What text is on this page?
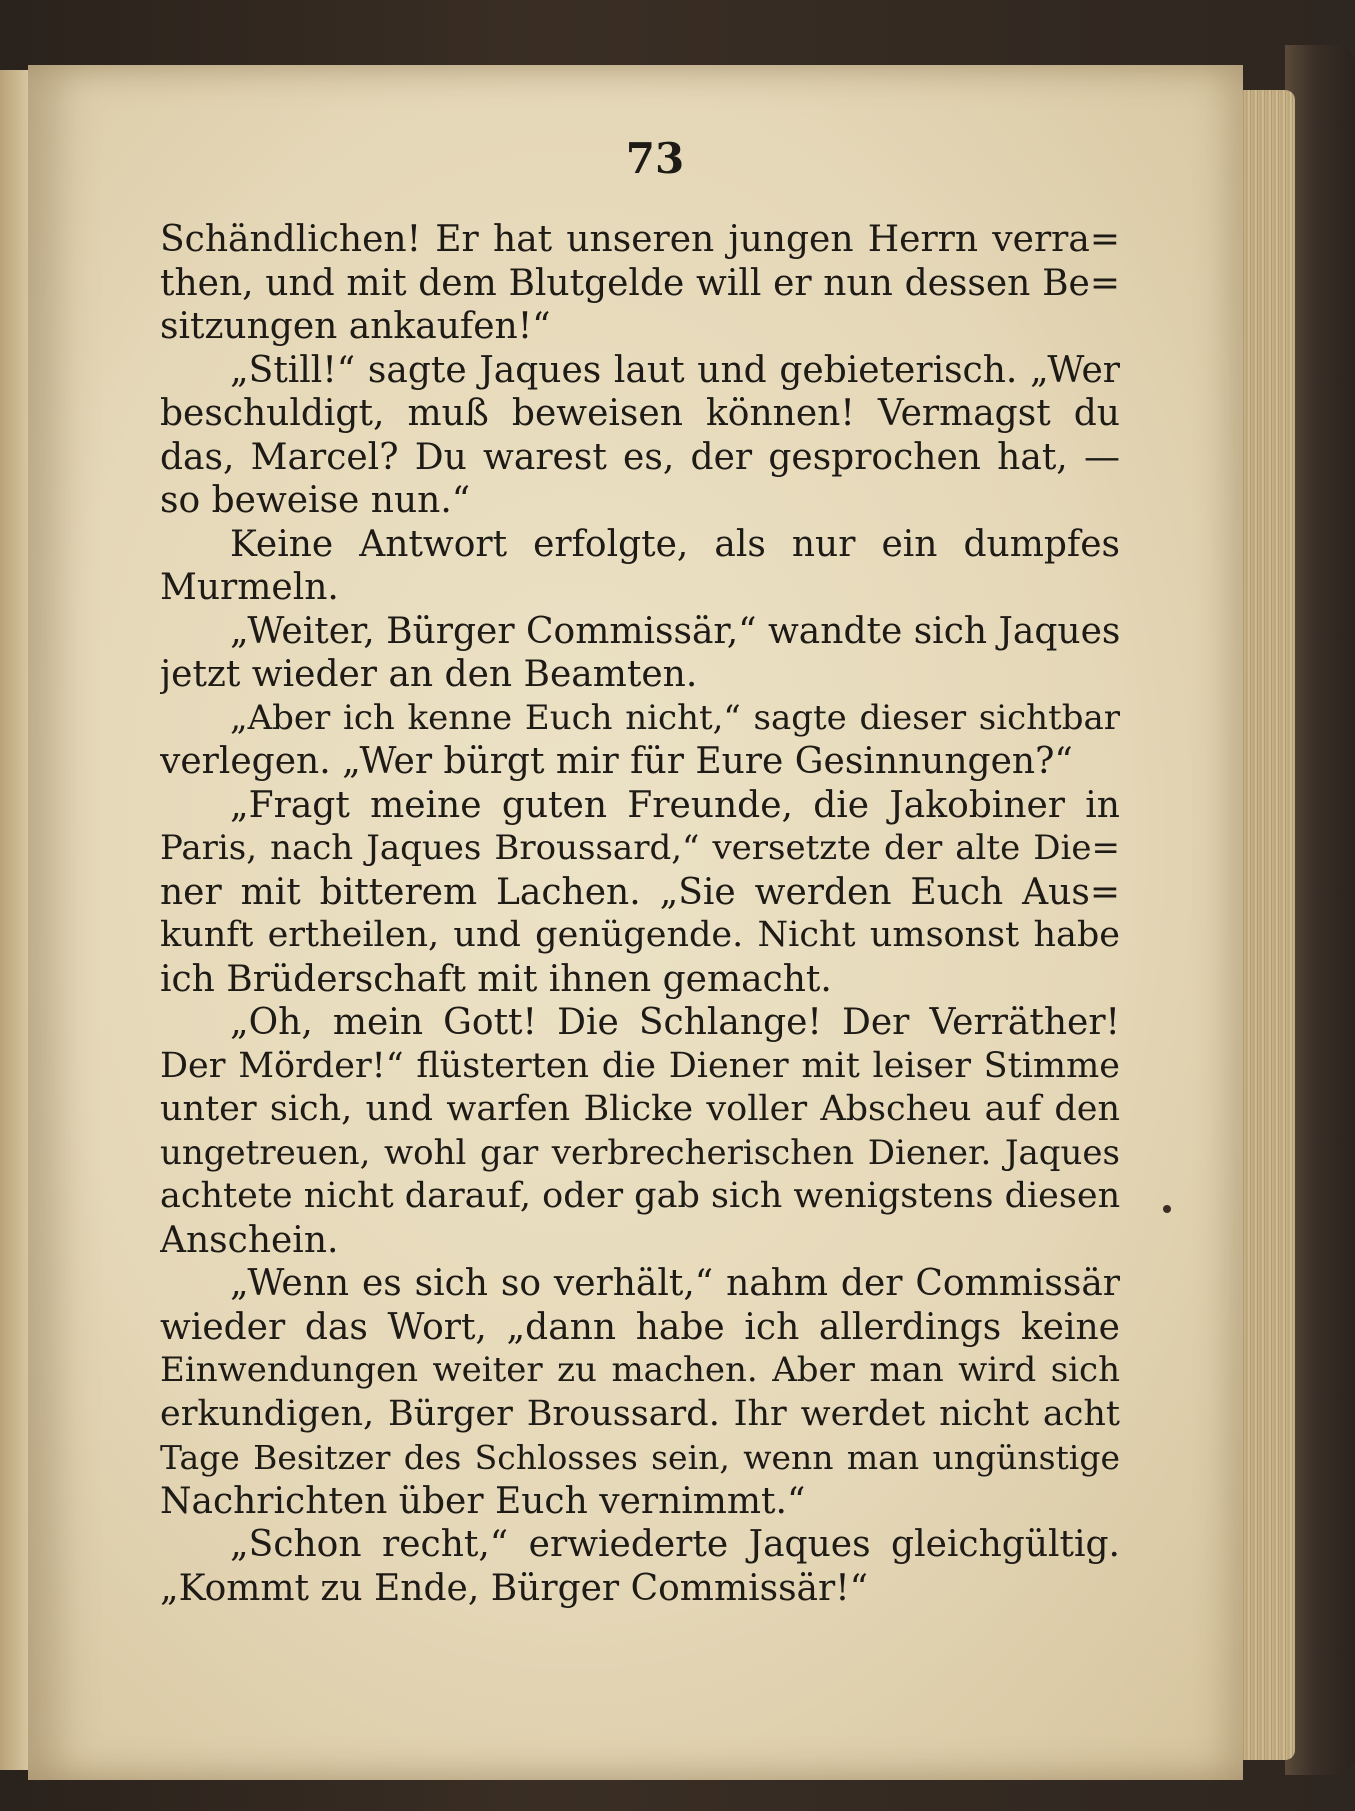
73
Schändlichen! Er hat unseren jungen Herrn verra=
then, und mit dem Blutgelde will er nun dessen Be=
sitzungen ankaufen!“
„Still!“ sagte Jaques laut und gebieterisch. „Wer
beschuldigt, muß beweisen können! Vermagst du
das, Marcel? Du warest es, der gesprochen hat, —
so beweise nun.“
Keine Antwort erfolgte, als nur ein dumpfes
Murmeln.
„Weiter, Bürger Commissär,“ wandte sich Jaques
jetzt wieder an den Beamten.
„Aber ich kenne Euch nicht,“ sagte dieser sichtbar
verlegen. „Wer bürgt mir für Eure Gesinnungen?“
„Fragt meine guten Freunde, die Jakobiner in
Paris, nach Jaques Broussard,“ versetzte der alte Die=
ner mit bitterem Lachen. „Sie werden Euch Aus=
kunft ertheilen, und genügende. Nicht umsonst habe
ich Brüderschaft mit ihnen gemacht.
„Oh, mein Gott! Die Schlange! Der Verräther!
Der Mörder!“ flüsterten die Diener mit leiser Stimme
unter sich, und warfen Blicke voller Abscheu auf den
ungetreuen, wohl gar verbrecherischen Diener. Jaques
achtete nicht darauf, oder gab sich wenigstens diesen
Anschein.
„Wenn es sich so verhält,“ nahm der Commissär
wieder das Wort, „dann habe ich allerdings keine
Einwendungen weiter zu machen. Aber man wird sich
erkundigen, Bürger Broussard. Ihr werdet nicht acht
Tage Besitzer des Schlosses sein, wenn man ungünstige
Nachrichten über Euch vernimmt.“
„Schon recht,“ erwiederte Jaques gleichgültig.
„Kommt zu Ende, Bürger Commissär!“
